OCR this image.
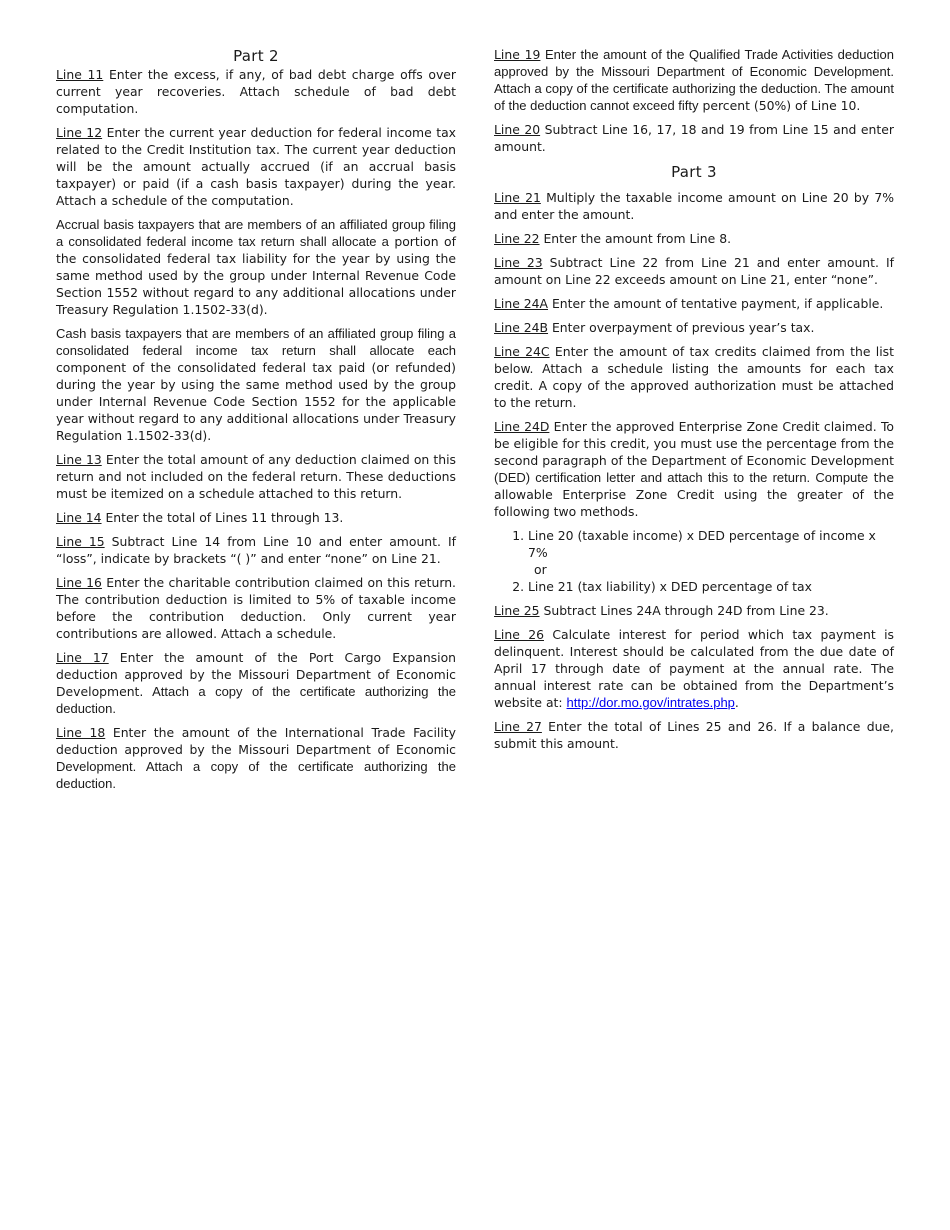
Part 2

Line 11 Enter the excess, if any, of bad debt charge offs over current year recoveries. Attach schedule of bad debt computation.

Line 12 Enter the current year deduction for federal income tax related to the Credit Institution tax. The current year deduction will be the amount actually accrued (if an accrual basis taxpayer) or paid (if a cash basis taxpayer) during the year. Attach a schedule of the computation.

Accrual basis taxpayers that are members of an affiliated group filing a consolidated federal income tax return shall allocate a portion of the consolidated federal tax liability for the year by using the same method used by the group under Internal Revenue Code Section 1552 without regard to any additional allocations under Treasury Regulation 1.1502-33(d).

Cash basis taxpayers that are members of an affiliated group filing a consolidated federal income tax return shall allocate each component of the consolidated federal tax paid (or refunded) during the year by using the same method used by the group under Internal Revenue Code Section 1552 for the applicable year without regard to any additional allocations under Treasury Regulation 1.1502-33(d).

Line 13 Enter the total amount of any deduction claimed on this return and not included on the federal return. These deductions must be itemized on a schedule attached to this return.

Line 14 Enter the total of Lines 11 through 13.

Line 15 Subtract Line 14 from Line 10 and enter amount. If “loss”, indicate by brackets “( )” and enter “none” on Line 21.

Line 16 Enter the charitable contribution claimed on this return. The contribution deduction is limited to 5% of taxable income before the contribution deduction. Only current year contributions are allowed. Attach a schedule.

Line 17 Enter the amount of the Port Cargo Expansion deduction approved by the Missouri Department of Economic Development. Attach a copy of the certificate authorizing the deduction.

Line 18 Enter the amount of the International Trade Facility deduction approved by the Missouri Department of Economic Development. Attach a copy of the certificate authorizing the deduction.

Line 19 Enter the amount of the Qualified Trade Activities deduction approved by the Missouri Department of Economic Development. Attach a copy of the certificate authorizing the deduction. The amount of the deduction cannot exceed fifty percent (50%) of Line 10.

Line 20 Subtract Line 16, 17, 18 and 19 from Line 15 and enter amount.

Part 3

Line 21 Multiply the taxable income amount on Line 20 by 7% and enter the amount.

Line 22 Enter the amount from Line 8.

Line 23 Subtract Line 22 from Line 21 and enter amount. If amount on Line 22 exceeds amount on Line 21, enter “none”.

Line 24A Enter the amount of tentative payment, if applicable.

Line 24B Enter overpayment of previous year’s tax.

Line 24C Enter the amount of tax credits claimed from the list below. Attach a schedule listing the amounts for each tax credit. A copy of the approved authorization must be attached to the return.

Line 24D Enter the approved Enterprise Zone Credit claimed. To be eligible for this credit, you must use the percentage from the second paragraph of the Department of Economic Development (DED) certification letter and attach this to the return. Compute the allowable Enterprise Zone Credit using the greater of the following two methods.

1. Line 20 (taxable income) x DED percentage of income x 7%
or
2. Line 21 (tax liability) x DED percentage of tax

Line 25 Subtract Lines 24A through 24D from Line 23.

Line 26 Calculate interest for period which tax payment is delinquent. Interest should be calculated from the due date of April 17 through date of payment at the annual rate. The annual interest rate can be obtained from the Department’s website at: http://dor.mo.gov/intrates.php.

Line 27 Enter the total of Lines 25 and 26. If a balance due, submit this amount.
